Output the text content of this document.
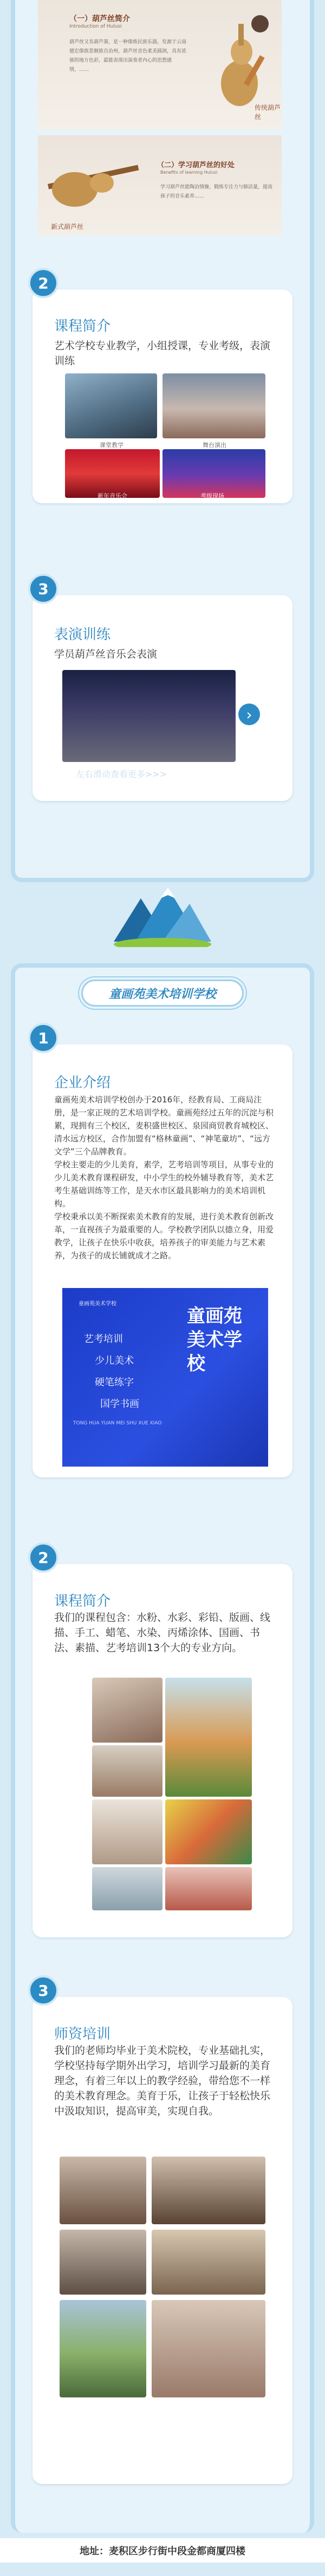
（一）葫芦丝简介
Introduction of Hulusi
葫芦丝又名葫芦箫，是一种傣族民族乐器，发源于云南德宏傣族景颇族自治州，葫芦丝音色柔美圆润，具有浓郁的地方色彩，最能表现出演奏者内心的思想感情，……
传统葫芦丝
（二）学习葫芦丝的好处
Benefits of learning Hulusi
学习葫芦丝能陶冶情操，锻炼专注力与肺活量，提高孩子的音乐素养……
新式葫芦丝
2
课程简介
艺术学校专业教学，小组授课，专业考级，表演训练
课堂教学	舞台演出
新年音乐会	考级现场
3
表演训练
学员葫芦丝音乐会表演
›
左右滑动查看更多>>>
童画苑美术培训学校
1
企业介绍
童画苑美术培训学校创办于2016年，经教育局、工商局注册，是一家正规的艺术培训学校。童画苑经过五年的沉淀与积累，现拥有三个校区，麦积盛世校区、泉园商贸教育城校区、清水远方校区，合作加盟有“格林童画”、“神笔童坊”、“远方文学”三个品牌教育。
学校主要走的少儿美育，素学，艺考培训等项目，从事专业的少儿美术教育课程研发，中小学生的校外辅导教育等，美术艺考生基础训练等工作，是天水市区最具影响力的美术培训机构。
学校秉承以美不断探索美术教育的发展，进行美术教育创新改革，一直视孩子为最重要的人。学校教学团队以德立身，用爱教学，让孩子在快乐中收获，培养孩子的审美能力与艺术素养，为孩子的成长铺就成才之路。
童画苑美术学校
艺考培训
少儿美术
硬笔练字
国学书画
TONG HUA YUAN MEI SHU XUE XIAO
童画苑美术学校
2
课程简介
我们的课程包含：水粉、水彩、彩铅、版画、线描、手工、蜡笔、水染、丙烯涂体、国画、书法、素描、艺考培训13个大的专业方向。
3
师资培训
我们的老师均毕业于美术院校，专业基础扎实，学校坚持每学期外出学习，培训学习最新的美育理念，有着三年以上的教学经验，带给您不一样的美术教育理念。美育于乐，让孩子于轻松快乐中汲取知识，提高审美，实现自我。
地址：麦积区步行街中段金都商厦四楼
